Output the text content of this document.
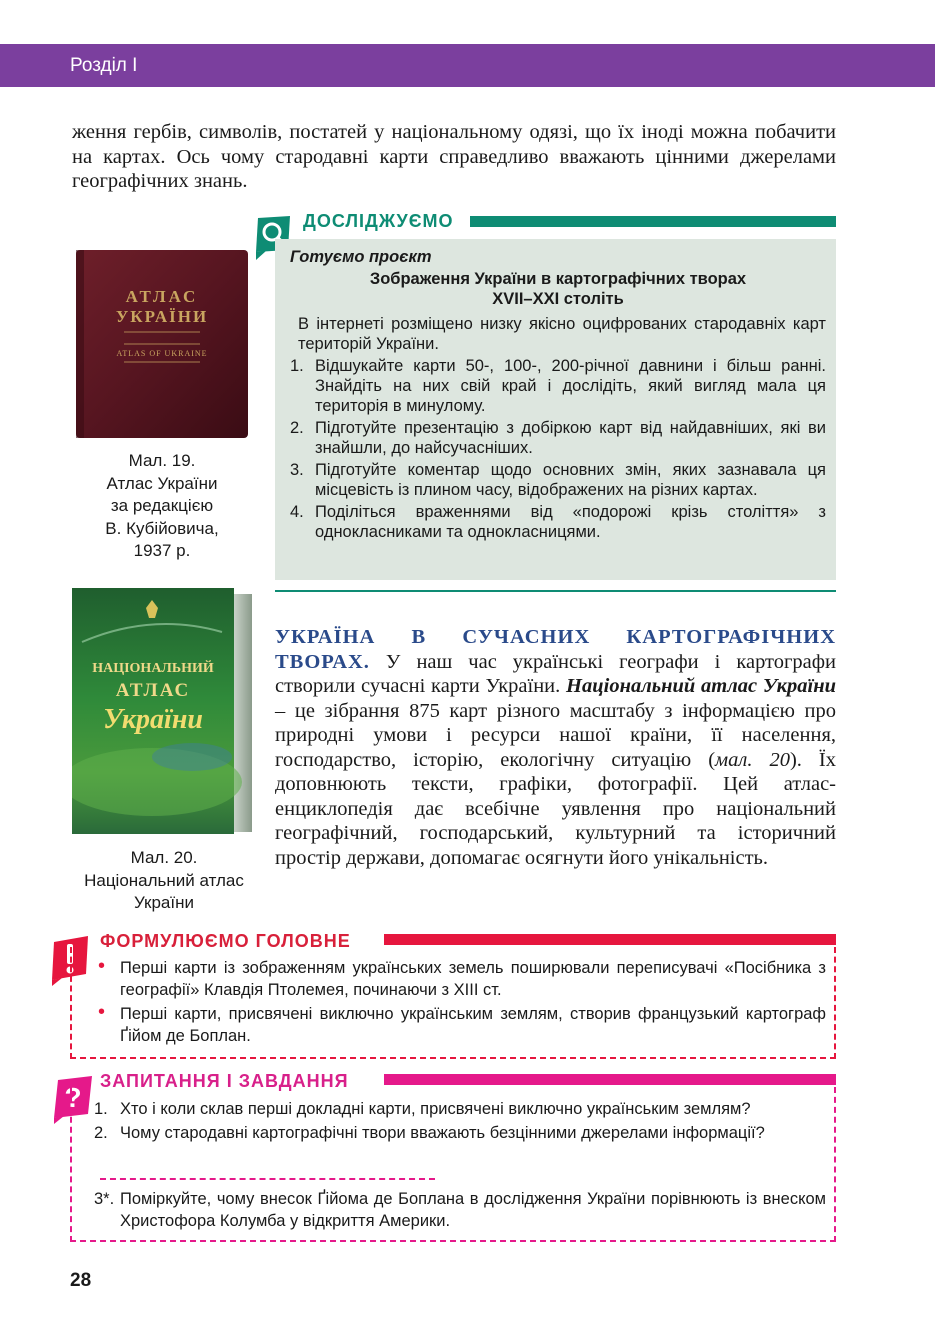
Розділ І
ження гербів, символів, постатей у національному одязі, що їх іноді можна побачити на картах. Ось чому стародавні карти справедливо вважають цінними джерелами географічних знань.
ДОСЛІДЖУЄМО
Готуємо проєкт
Зображення України в картографічних творах
XVII–XXI століть
В інтернеті розміщено низку якісно оцифрованих стародавніх карт територій України.
1. Відшукайте карти 50-, 100-, 200-річної давнини і більш ранні. Знайдіть на них свій край і дослідіть, який вигляд мала ця територія в минулому.
2. Підготуйте презентацію з добіркою карт від найдавніших, які ви знайшли, до найсучасніших.
3. Підготуйте коментар щодо основних змін, яких зазнавала ця місцевість із плином часу, відображених на різних картах.
4. Поділіться враженнями від «подорожі крізь століття» з однокласниками та однокласницями.
АТЛАС
УКРАЇНИ
ATLAS OF UKRAINE
Мал. 19.
Атлас України
за редакцією
В. Кубійовича,
1937 р.
НАЦІОНАЛЬНИЙ
АТЛАС
України
Мал. 20.
Національний атлас
України
УКРАЇНА В СУЧАСНИХ КАРТОГРАФІЧНИХ ТВОРАХ. У наш час українські географи і картографи створили сучасні карти України. Національний атлас України – це зібрання 875 карт різного масштабу з інформацією про природні умови і ресурси нашої країни, її населення, господарство, історію, екологічну ситуацію (мал. 20). Їх доповнюють тексти, графіки, фотографії. Цей атлас-енциклопедія дає всебічне уявлення про національний географічний, господарський, культурний та історичний простір держави, допомагає осягнути його унікальність.
ФОРМУЛЮЄМО ГОЛОВНЕ
• Перші карти із зображенням українських земель поширювали переписувачі «Посібника з географії» Клавдія Птолемея, починаючи з XIII ст.
• Перші карти, присвячені виключно українським землям, створив французький картограф Ґійом де Боплан.
?
ЗАПИТАННЯ І ЗАВДАННЯ
1. Хто і коли склав перші докладні карти, присвячені виключно українським землям?
2. Чому стародавні картографічні твори вважають безцінними джерелами інформації?
3*. Поміркуйте, чому внесок Ґійома де Боплана в дослідження України порівнюють із внеском Христофора Колумба у відкриття Америки.
28
